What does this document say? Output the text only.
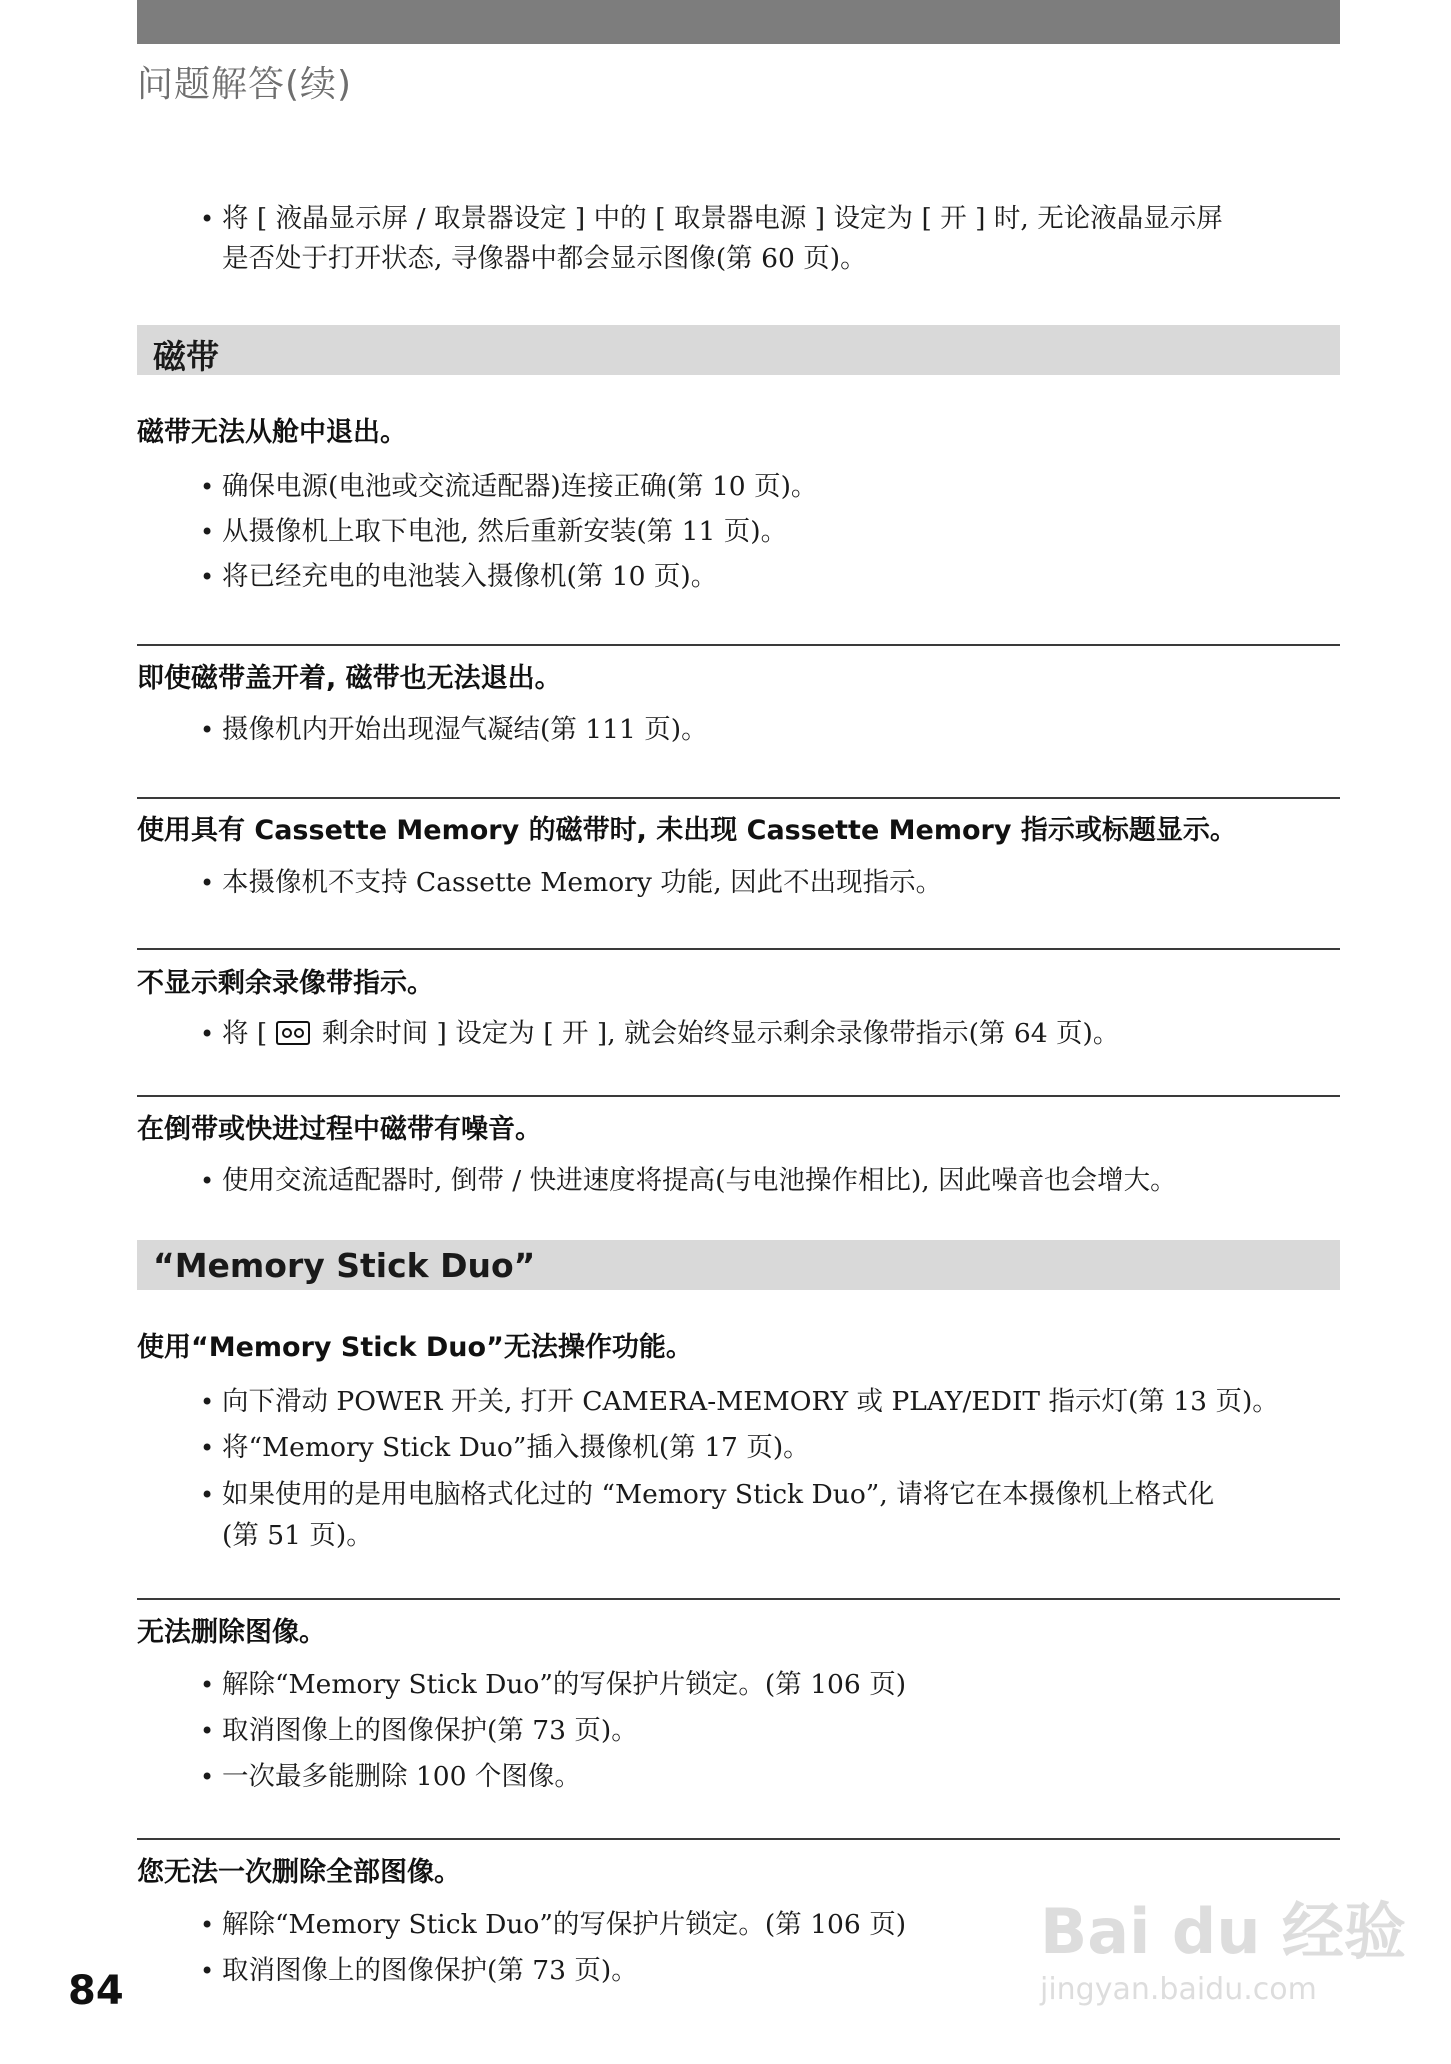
问题解答(续)
• 将 [ 液晶显示屏 / 取景器设定 ] 中的 [ 取景器电源 ] 设定为 [ 开 ] 时, 无论液晶显示屏
是否处于打开状态, 寻像器中都会显示图像(第 60 页)。
磁带
磁带无法从舱中退出。
• 确保电源(电池或交流适配器)连接正确(第 10 页)。
• 从摄像机上取下电池, 然后重新安装(第 11 页)。
• 将已经充电的电池装入摄像机(第 10 页)。
即使磁带盖开着, 磁带也无法退出。
• 摄像机内开始出现湿气凝结(第 111 页)。
使用具有 Cassette Memory 的磁带时, 未出现 Cassette Memory 指示或标题显示。
• 本摄像机不支持 Cassette Memory 功能, 因此不出现指示。
不显示剩余录像带指示。
• 将 [
剩余时间 ] 设定为 [ 开 ], 就会始终显示剩余录像带指示(第 64 页)。
在倒带或快进过程中磁带有噪音。
• 使用交流适配器时, 倒带 / 快进速度将提高(与电池操作相比), 因此噪音也会增大。
“Memory Stick Duo”
使用“Memory Stick Duo”无法操作功能。
• 向下滑动 POWER 开关, 打开 CAMERA-MEMORY 或 PLAY/EDIT 指示灯(第 13 页)。
• 将“Memory Stick Duo”插入摄像机(第 17 页)。
• 如果使用的是用电脑格式化过的 “Memory Stick Duo”, 请将它在本摄像机上格式化
(第 51 页)。
无法删除图像。
• 解除“Memory Stick Duo”的写保护片锁定。(第 106 页)
• 取消图像上的图像保护(第 73 页)。
• 一次最多能删除 100 个图像。
您无法一次删除全部图像。
• 解除“Memory Stick Duo”的写保护片锁定。(第 106 页)
• 取消图像上的图像保护(第 73 页)。
84
Bai du 经验
jingyan.baidu.com
